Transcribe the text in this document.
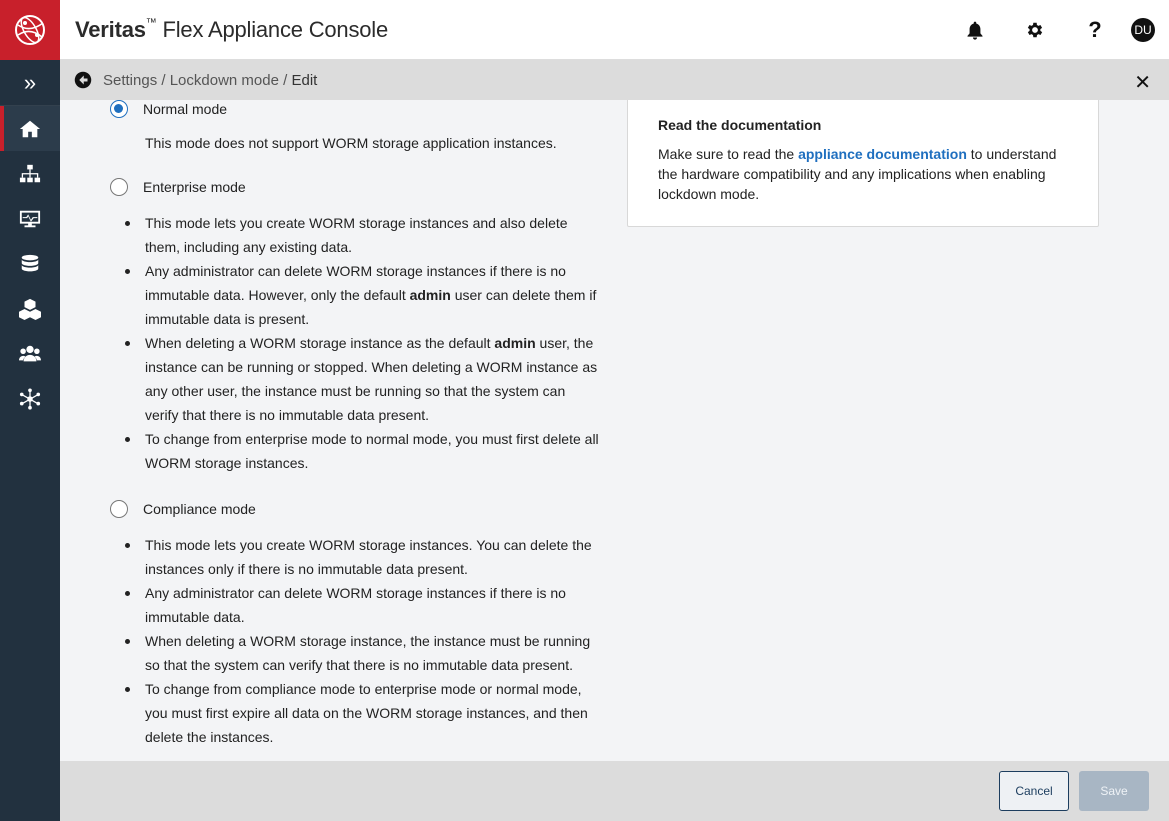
»
Veritas™ Flex Appliance Console	?	DU
Settings / Lockdown mode / Edit	✕
Normal mode
This mode does not support WORM storage application instances.
Enterprise mode
This mode lets you create WORM storage instances and also delete them, including any existing data.
Any administrator can delete WORM storage instances if there is no immutable data. However, only the default admin user can delete them if immutable data is present.
When deleting a WORM storage instance as the default admin user, the instance can be running or stopped. When deleting a WORM instance as any other user, the instance must be running so that the system can verify that there is no immutable data present.
To change from enterprise mode to normal mode, you must first delete all WORM storage instances.
Compliance mode
This mode lets you create WORM storage instances. You can delete the instances only if there is no immutable data present.
Any administrator can delete WORM storage instances if there is no immutable data.
When deleting a WORM storage instance, the instance must be running so that the system can verify that there is no immutable data present.
To change from compliance mode to enterprise mode or normal mode, you must first expire all data on the WORM storage instances, and then delete the instances.
Read the documentation
Make sure to read the appliance documentation to understand the hardware compatibility and any implications when enabling lockdown mode.
Cancel	Save
